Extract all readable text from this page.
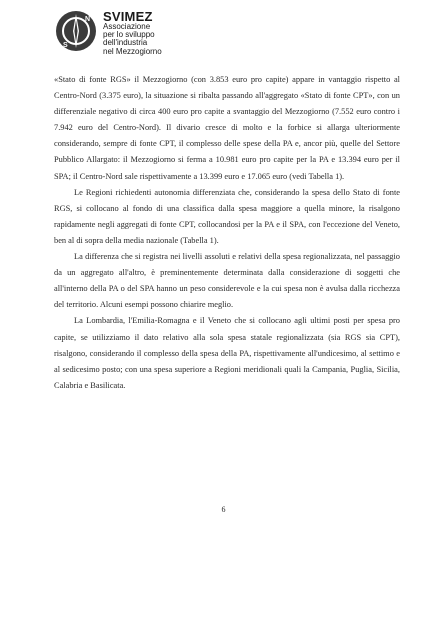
N
S
SVIMEZ
Associazione
per lo sviluppo
dell'industria
nel Mezzogiorno

«Stato di fonte RGS» il Mezzogiorno (con 3.853 euro pro capite) appare in vantaggio rispetto al Centro-Nord (3.375 euro), la situazione si ribalta passando all'aggregato «Stato di fonte CPT», con un differenziale negativo di circa 400 euro pro capite a svantaggio del Mezzogiorno (7.552 euro contro i 7.942 euro del Centro-Nord). Il divario cresce di molto e la forbice si allarga ulteriormente considerando, sempre di fonte CPT, il complesso delle spese della PA e, ancor più, quelle del Settore Pubblico Allargato: il Mezzogiorno si ferma a 10.981 euro pro capite per la PA e 13.394 euro per il SPA; il Centro-Nord sale rispettivamente a 13.399 euro e 17.065 euro (vedi Tabella 1).

Le Regioni richiedenti autonomia differenziata che, considerando la spesa dello Stato di fonte RGS, si collocano al fondo di una classifica dalla spesa maggiore a quella minore, la risalgono rapidamente negli aggregati di fonte CPT, collocandosi per la PA e il SPA, con l'eccezione del Veneto, ben al di sopra della media nazionale (Tabella 1).

La differenza che si registra nei livelli assoluti e relativi della spesa regionalizzata, nel passaggio da un aggregato all'altro, è preminentemente determinata dalla considerazione di soggetti che all'interno della PA o del SPA hanno un peso considerevole e la cui spesa non è avulsa dalla ricchezza del territorio. Alcuni esempi possono chiarire meglio.

La Lombardia, l'Emilia-Romagna e il Veneto che si collocano agli ultimi posti per spesa pro capite, se utilizziamo il dato relativo alla sola spesa statale regionalizzata (sia RGS sia CPT), risalgono, considerando il complesso della spesa della PA, rispettivamente all'undicesimo, al settimo e al sedicesimo posto; con una spesa superiore a Regioni meridionali quali la Campania, Puglia, Sicilia, Calabria e Basilicata.

6
